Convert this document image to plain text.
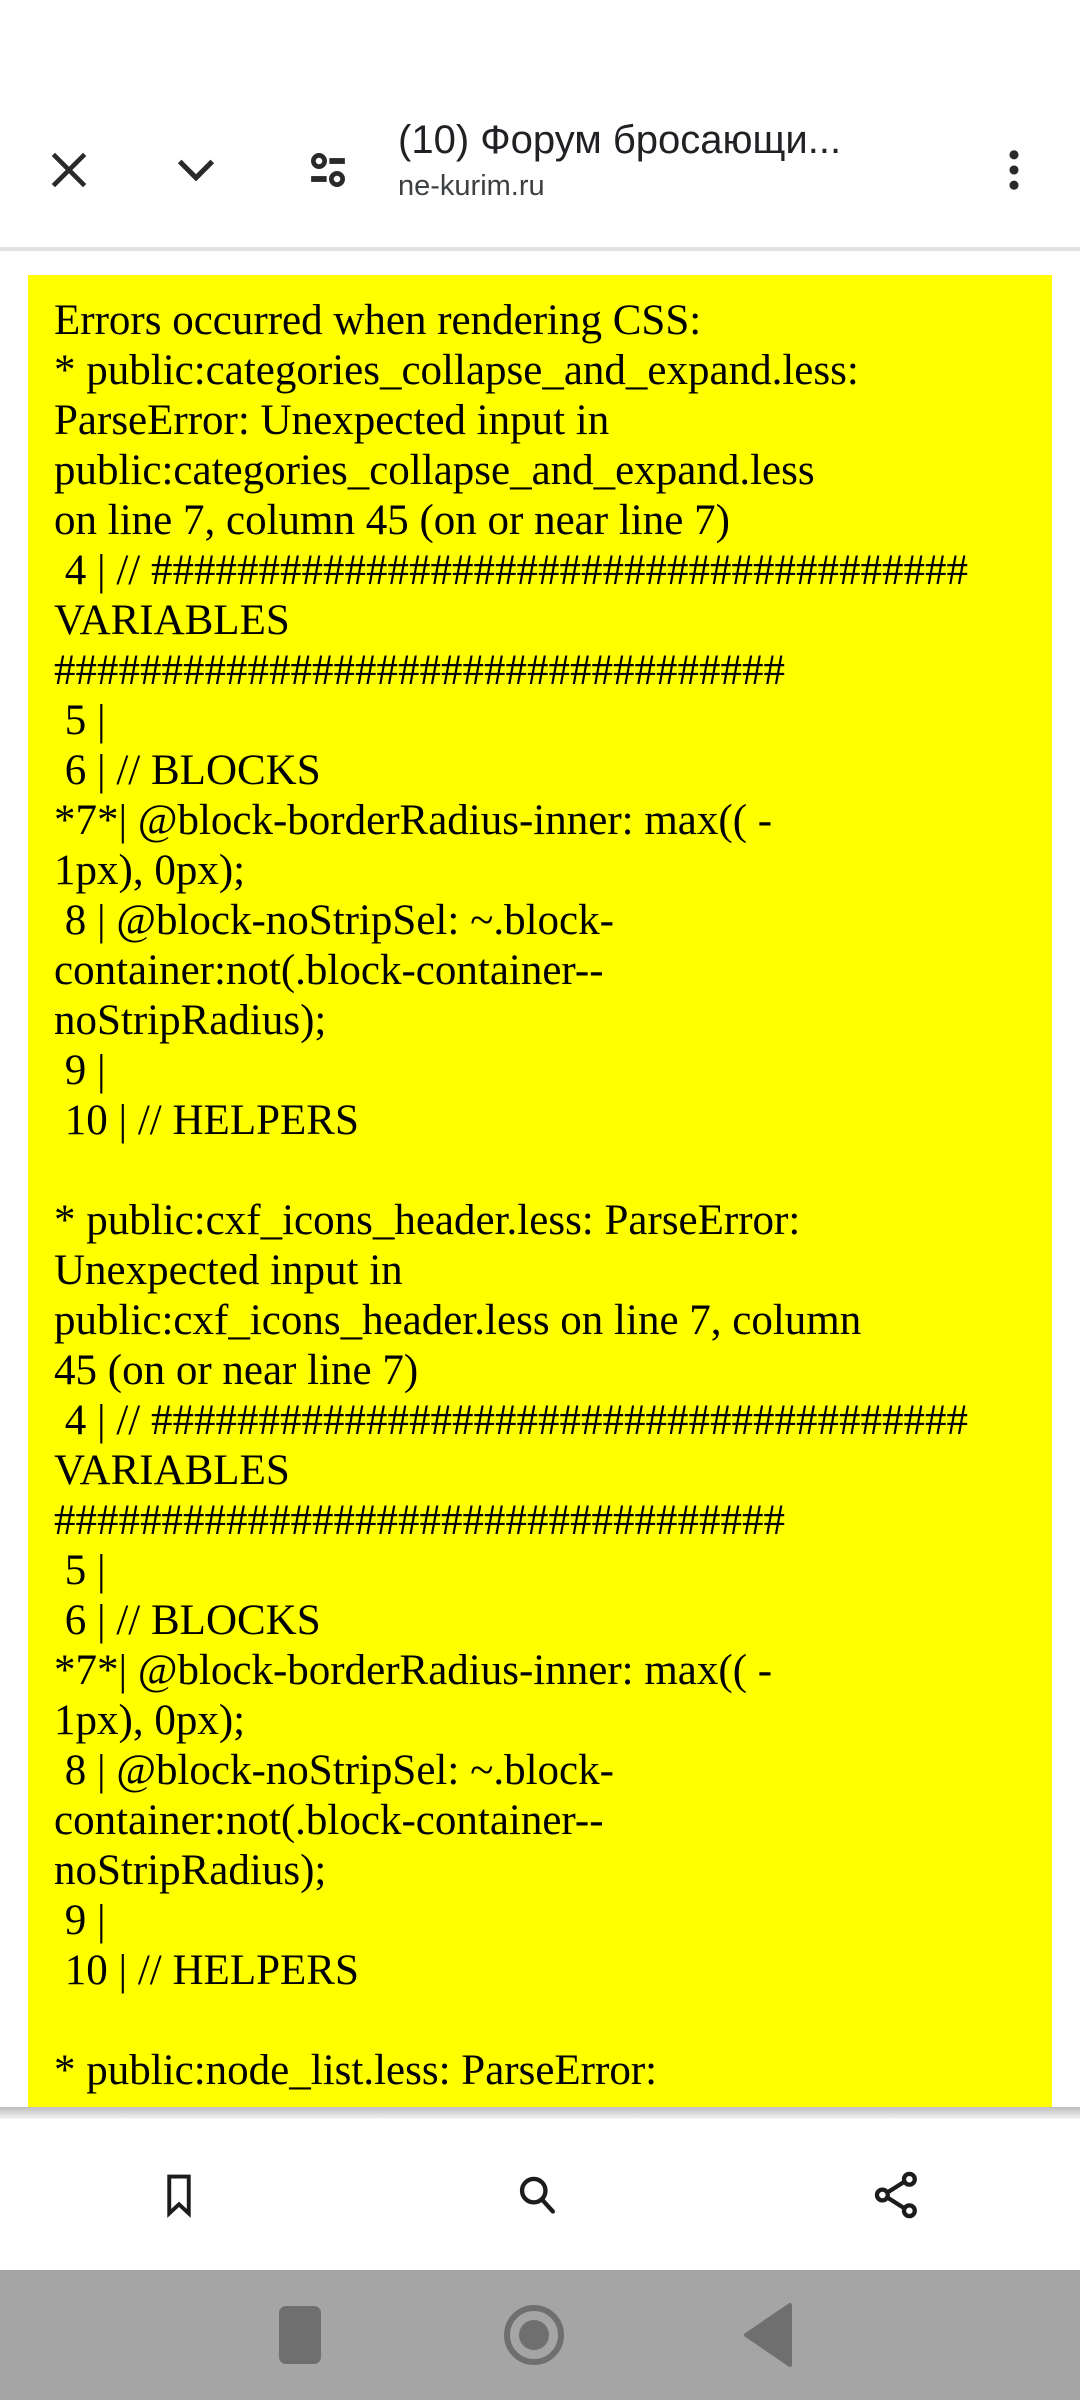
(10) Форум бросающи...
ne-kurim.ru
Errors occurred when rendering CSS:
* public:categories_collapse_and_expand.less:
ParseError: Unexpected input in
public:categories_collapse_and_expand.less
on line 7, column 45 (on or near line 7)
4 | // ######################################
VARIABLES
##################################
5 |
6 | // BLOCKS
*7*| @block-borderRadius-inner: max(( -
1px), 0px);
8 | @block-noStripSel: ~.block-
container:not(.block-container--
noStripRadius);
9 |
10 | // HELPERS

* public:cxf_icons_header.less: ParseError:
Unexpected input in
public:cxf_icons_header.less on line 7, column
45 (on or near line 7)
4 | // ######################################
VARIABLES
##################################
5 |
6 | // BLOCKS
*7*| @block-borderRadius-inner: max(( -
1px), 0px);
8 | @block-noStripSel: ~.block-
container:not(.block-container--
noStripRadius);
9 |
10 | // HELPERS

* public:node_list.less: ParseError:
